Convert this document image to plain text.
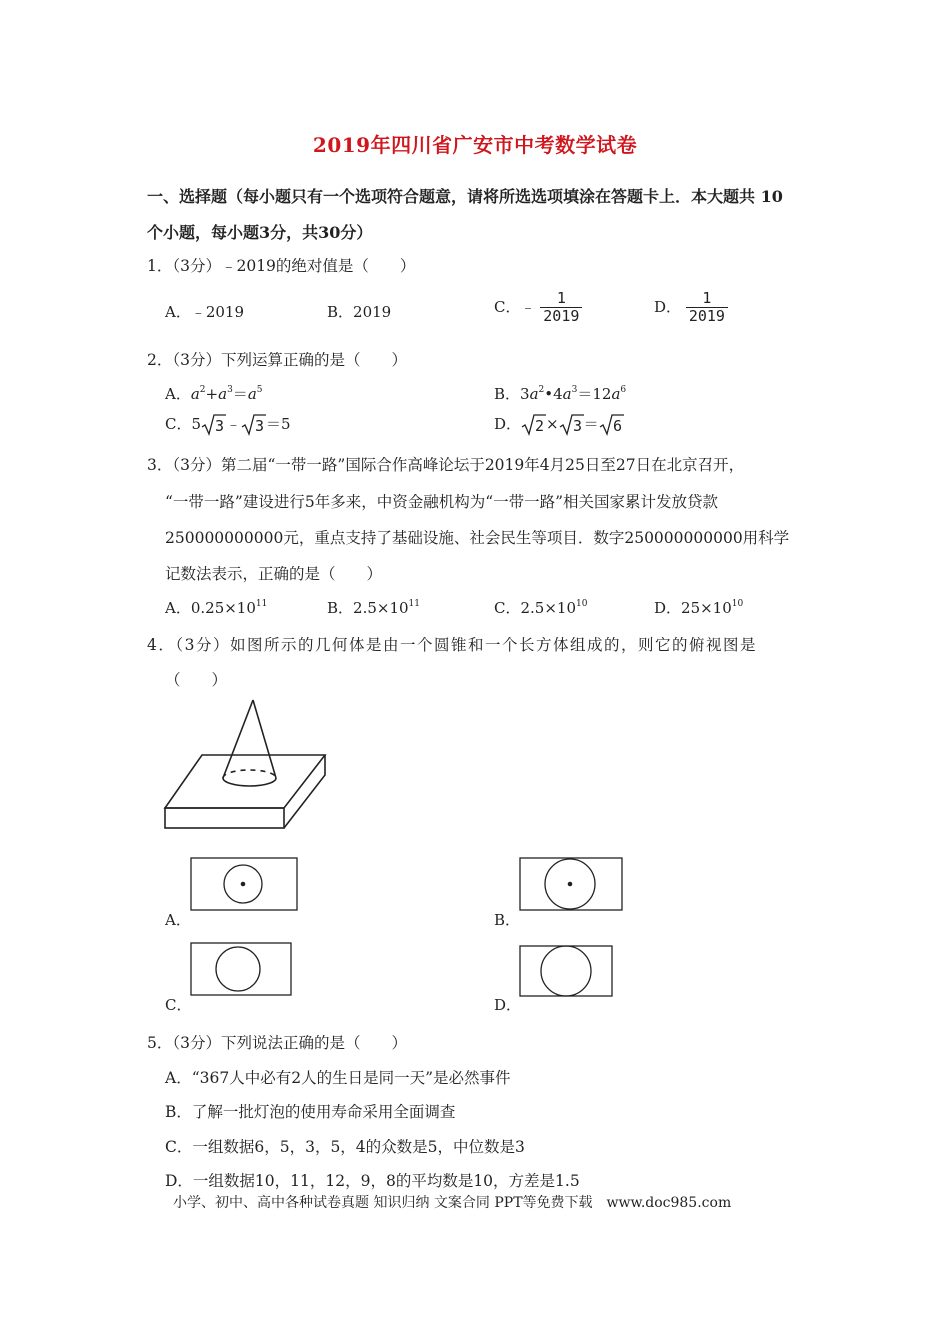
2019年四川省广安市中考数学试卷
一、选择题（每小题只有一个选项符合题意，请将所选选项填涂在答题卡上．本大题共 10
个小题，每小题3分，共30分）
1．（3分）﹣2019的绝对值是（　　）
A．﹣2019	B．2019	C．﹣ $\frac{1}{2019}$	D． $\frac{1}{2019}$
2．（3分）下列运算正确的是（　　）
A．$a^2+a^3=a^5$	B．$3a^2•4a^3=12a^6$
C．5 3 ﹣ 3 ＝5	D． 2 × 3 ＝ 6
3．（3分）第二届“一带一路”国际合作高峰论坛于2019年4月25日至27日在北京召开，
“一带一路”建设进行5年多来，中资金融机构为“一带一路”相关国家累计发放贷款
250000000000元，重点支持了基础设施、社会民生等项目．数字250000000000用科学
记数法表示，正确的是（　　）
A．$0.25\times 10^{11}$	B．$2.5\times 10^{11}$	C．$2.5\times 10^{10}$	D．$25\times 10^{10}$
4．（3分）如图所示的几何体是由一个圆锥和一个长方体组成的，则它的俯视图是
（　　）
A．	B．
C．	D．
5．（3分）下列说法正确的是（　　）
A．“367人中必有2人的生日是同一天”是必然事件
B．了解一批灯泡的使用寿命采用全面调查
C．一组数据6，5，3，5，4的众数是5，中位数是3
D．一组数据10，11，12，9，8的平均数是10，方差是1.5
小学、初中、高中各种试卷真题 知识归纳 文案合同 PPT等免费下载　www.doc985.com
